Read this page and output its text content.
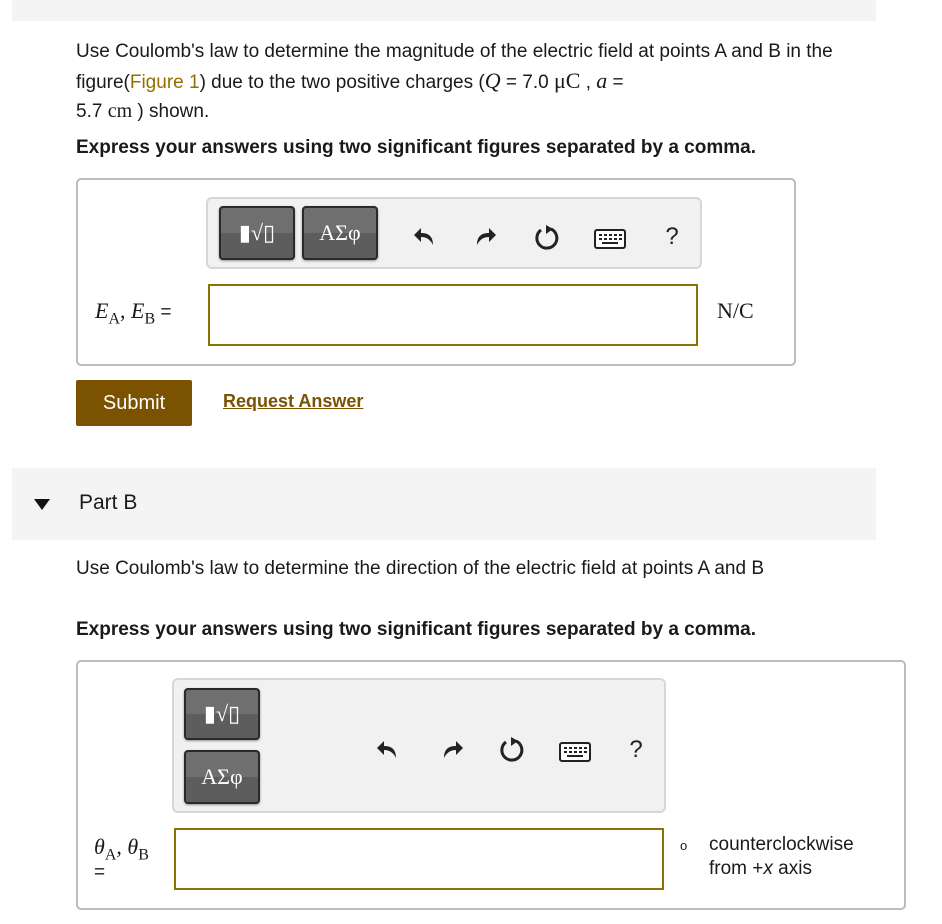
Use Coulomb's law to determine the magnitude of the electric field at points A and B in the figure(Figure 1) due to the two positive charges (Q = 7.0 μC , a =
5.7 cm ) shown.
Express your answers using two significant figures separated by a comma.
▮√▯ ΑΣφ	?
$E_A$, $E_B$ =	N/C
Submit	Request Answer
Part B
Use Coulomb's law to determine the direction of the electric field at points A and B
Express your answers using two significant figures separated by a comma.
▮√▯
ΑΣφ
?
$\theta_A$, $\theta_B$
=
o counterclockwise
from +x axis
